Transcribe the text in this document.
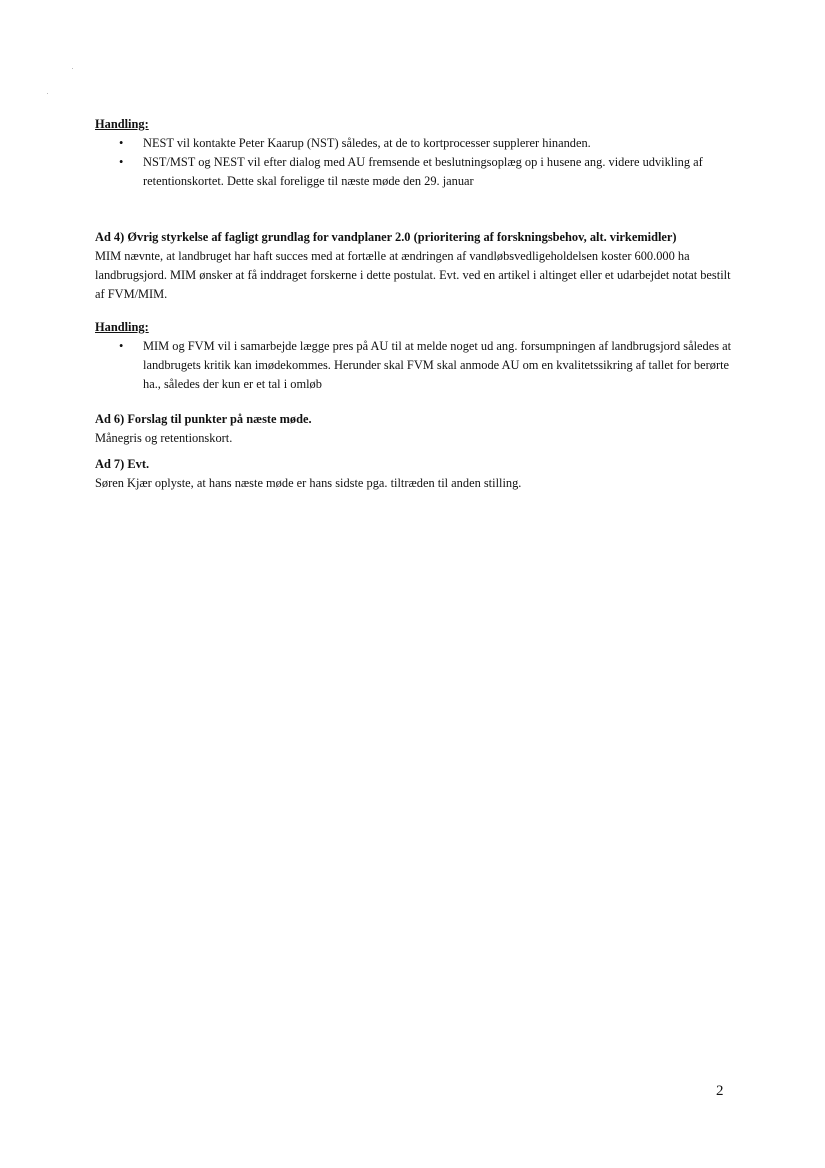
Handling:
• NEST vil kontakte Peter Kaarup (NST) således, at de to kortprocesser supplerer hinanden.
• NST/MST og NEST vil efter dialog med AU fremsende et beslutningsoplæg op i husene ang. videre udvikling af retentionskortet. Dette skal foreligge til næste møde den 29. januar
Ad 4) Øvrig styrkelse af fagligt grundlag for vandplaner 2.0 (prioritering af forskningsbehov, alt. virkemidler)

MIM nævnte, at landbruget har haft succes med at fortælle at ændringen af vandløbsvedligeholdelsen koster 600.000 ha landbrugsjord. MIM ønsker at få inddraget forskerne i dette postulat. Evt. ved en artikel i altinget eller et udarbejdet notat bestilt af FVM/MIM.

Handling:
• MIM og FVM vil i samarbejde lægge pres på AU til at melde noget ud ang. forsumpningen af landbrugsjord således at landbrugets kritik kan imødekommes. Herunder skal FVM skal anmode AU om en kvalitetssikring af tallet for berørte ha., således der kun er et tal i omløb
Ad 6) Forslag til punkter på næste møde.

Månegris og retentionskort.

Ad 7) Evt.

Søren Kjær oplyste, at hans næste møde er hans sidste pga. tiltræden til anden stilling.

2
